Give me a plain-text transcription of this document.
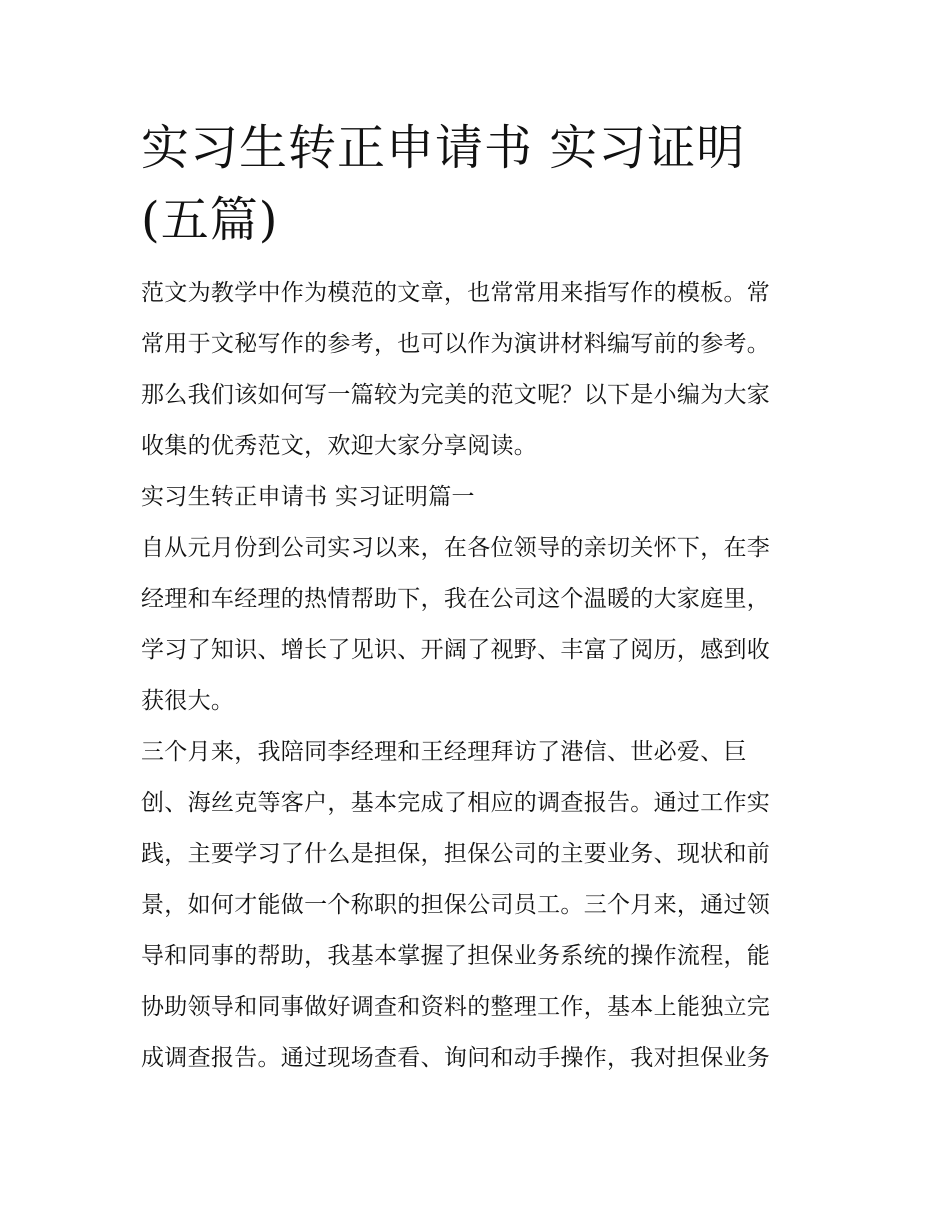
实习生转正申请书 实习证明
(五篇)

范文为教学中作为模范的文章，也常常用来指写作的模板。常
常用于文秘写作的参考，也可以作为演讲材料编写前的参考。
那么我们该如何写一篇较为完美的范文呢？以下是小编为大家
收集的优秀范文，欢迎大家分享阅读。

实习生转正申请书 实习证明篇一

自从元月份到公司实习以来，在各位领导的亲切关怀下，在李
经理和车经理的热情帮助下，我在公司这个温暖的大家庭里，
学习了知识、增长了见识、开阔了视野、丰富了阅历，感到收
获很大。

三个月来，我陪同李经理和王经理拜访了港信、世必爱、巨
创、海丝克等客户，基本完成了相应的调查报告。通过工作实
践，主要学习了什么是担保，担保公司的主要业务、现状和前
景，如何才能做一个称职的担保公司员工。三个月来，通过领
导和同事的帮助，我基本掌握了担保业务系统的操作流程，能
协助领导和同事做好调查和资料的整理工作，基本上能独立完
成调查报告。通过现场查看、询问和动手操作，我对担保业务
